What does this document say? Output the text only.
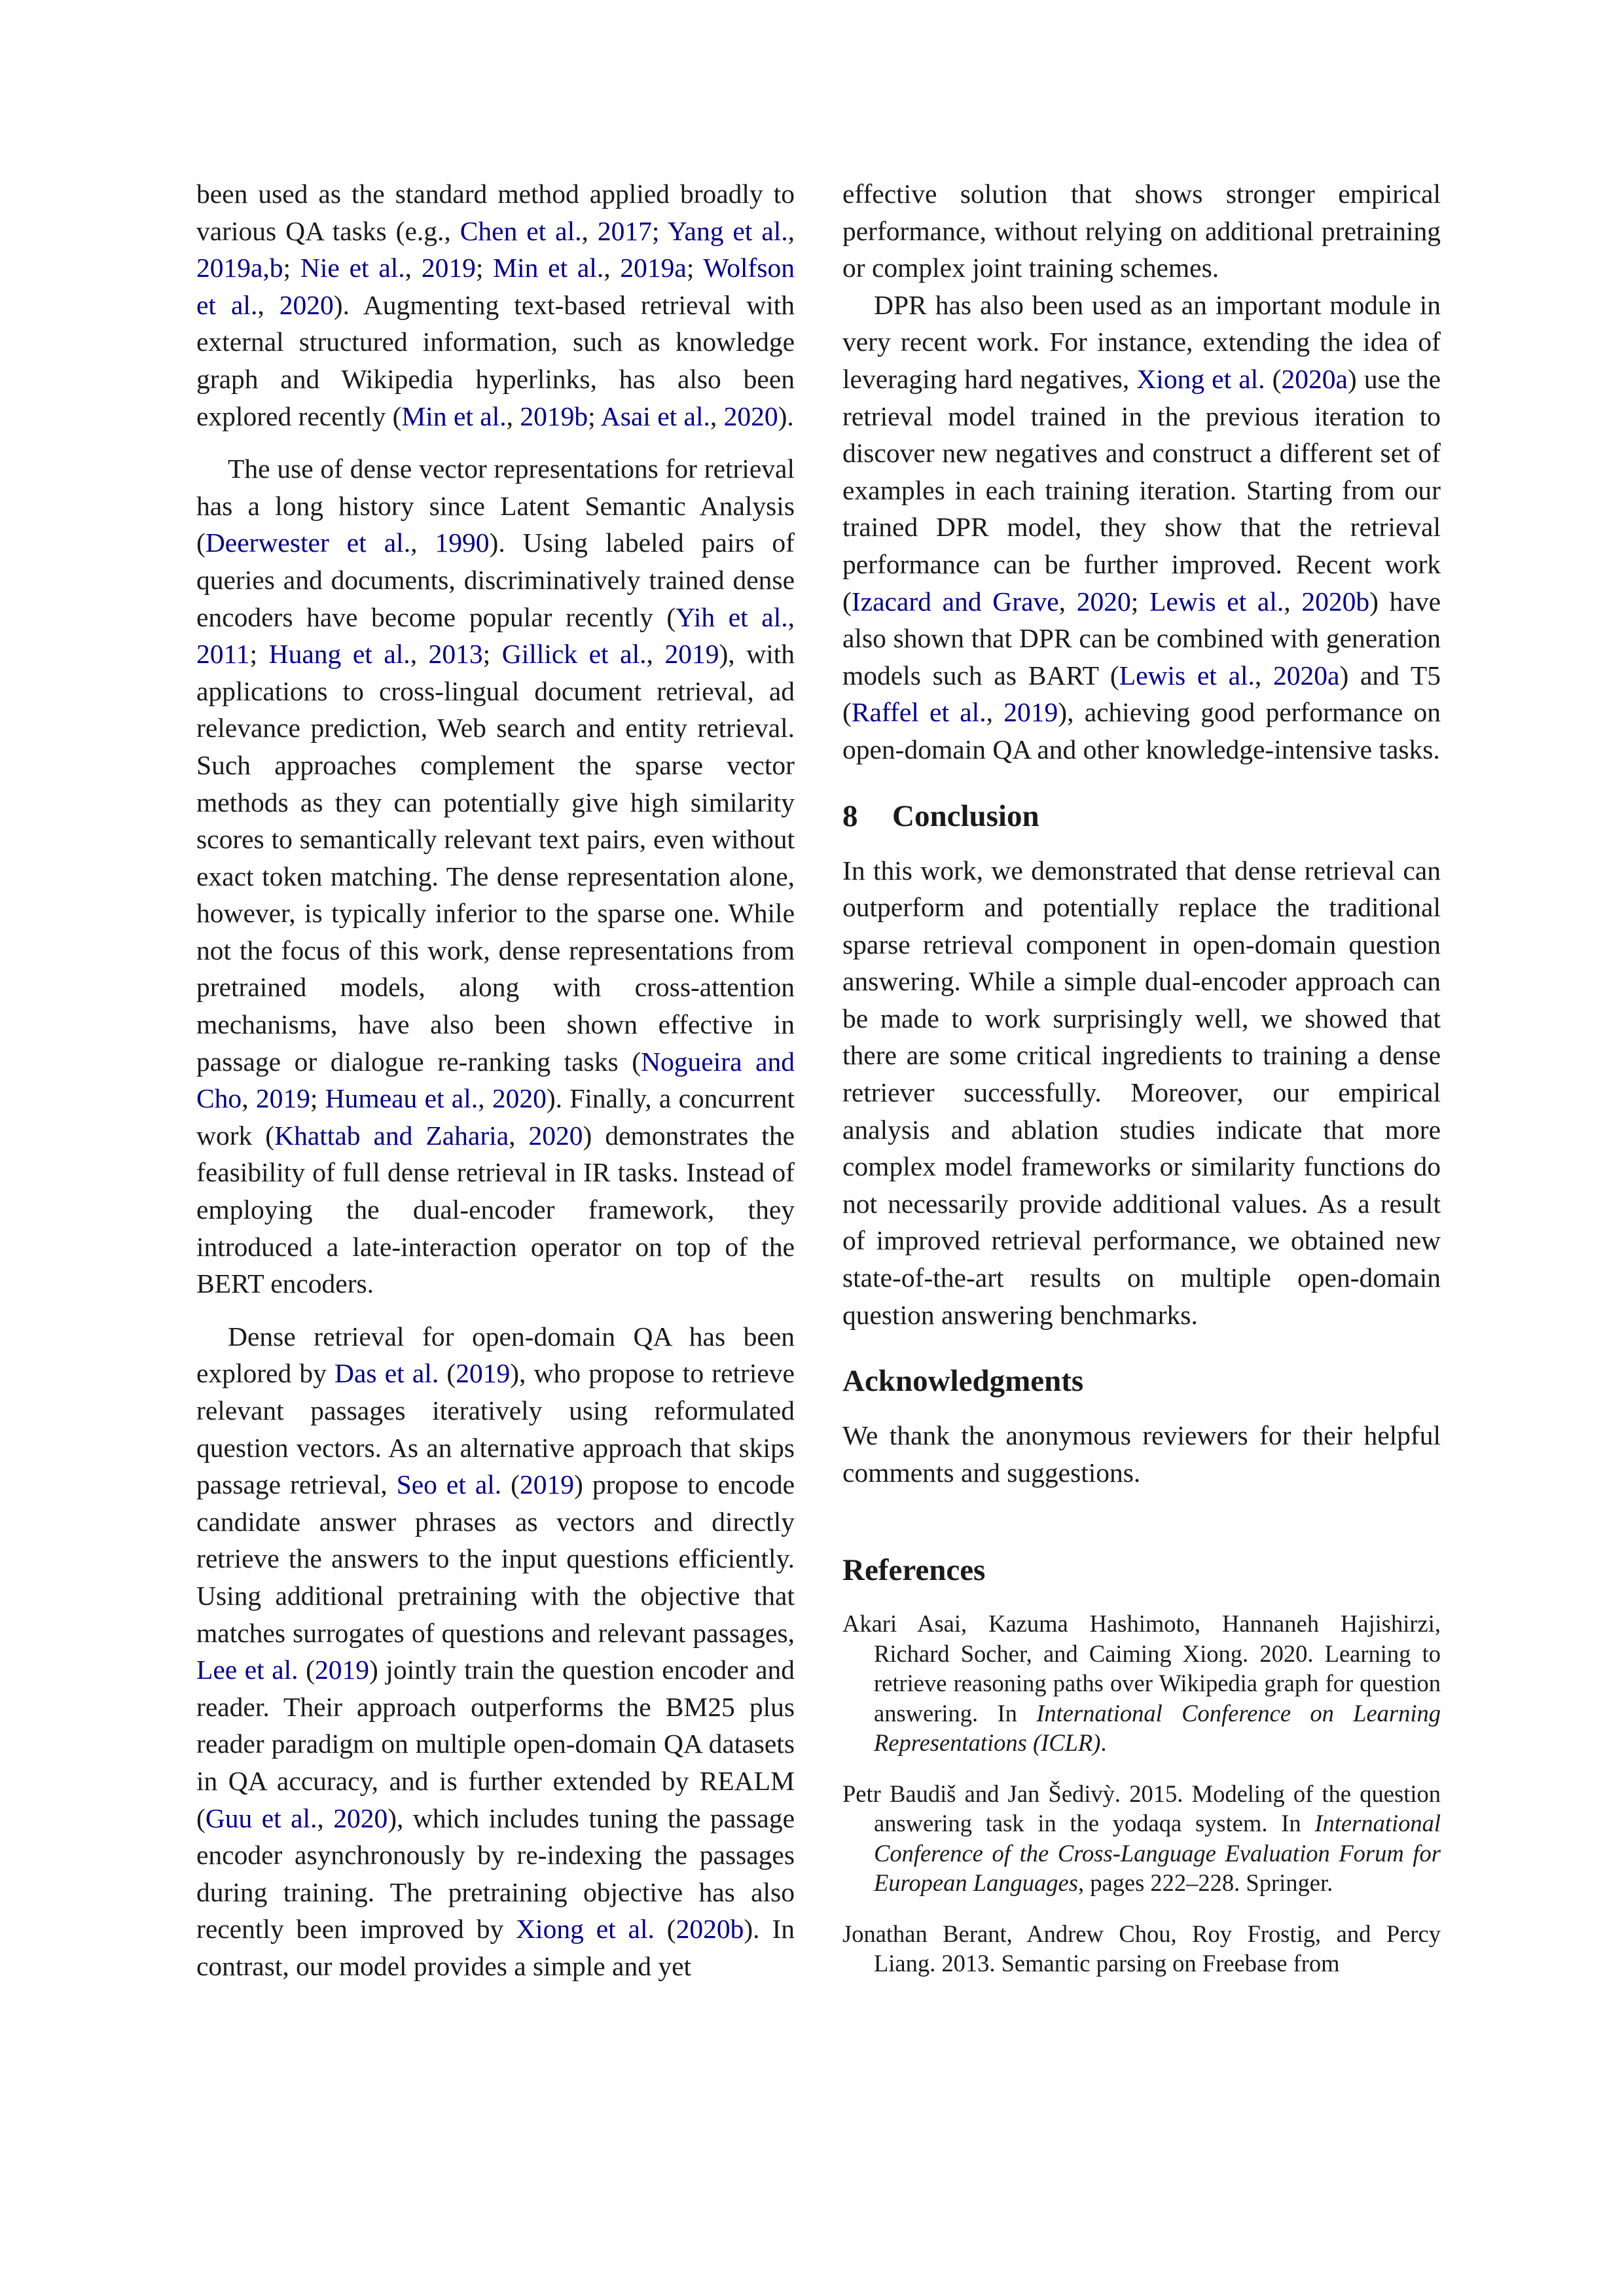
been used as the standard method applied broadly to various QA tasks (e.g., Chen et al., 2017; Yang et al., 2019a,b; Nie et al., 2019; Min et al., 2019a; Wolfson et al., 2020). Augmenting text-based retrieval with external structured information, such as knowledge graph and Wikipedia hyperlinks, has also been explored recently (Min et al., 2019b; Asai et al., 2020).

The use of dense vector representations for retrieval has a long history since Latent Semantic Analysis (Deerwester et al., 1990). Using labeled pairs of queries and documents, discriminatively trained dense encoders have become popular recently (Yih et al., 2011; Huang et al., 2013; Gillick et al., 2019), with applications to cross-lingual document retrieval, ad relevance prediction, Web search and entity retrieval. Such approaches complement the sparse vector methods as they can potentially give high similarity scores to semantically relevant text pairs, even without exact token matching. The dense representation alone, however, is typically inferior to the sparse one. While not the focus of this work, dense representations from pretrained models, along with cross-attention mechanisms, have also been shown effective in passage or dialogue re-ranking tasks (Nogueira and Cho, 2019; Humeau et al., 2020). Finally, a concurrent work (Khattab and Zaharia, 2020) demonstrates the feasibility of full dense retrieval in IR tasks. Instead of employing the dual-encoder framework, they introduced a late-interaction operator on top of the BERT encoders.

Dense retrieval for open-domain QA has been explored by Das et al. (2019), who propose to retrieve relevant passages iteratively using reformulated question vectors. As an alternative approach that skips passage retrieval, Seo et al. (2019) propose to encode candidate answer phrases as vectors and directly retrieve the answers to the input questions efficiently. Using additional pretraining with the objective that matches surrogates of questions and relevant passages, Lee et al. (2019) jointly train the question encoder and reader. Their approach outperforms the BM25 plus reader paradigm on multiple open-domain QA datasets in QA accuracy, and is further extended by REALM (Guu et al., 2020), which includes tuning the passage encoder asynchronously by re-indexing the passages during training. The pretraining objective has also recently been improved by Xiong et al. (2020b). In contrast, our model provides a simple and yet

effective solution that shows stronger empirical performance, without relying on additional pretraining or complex joint training schemes.

DPR has also been used as an important module in very recent work. For instance, extending the idea of leveraging hard negatives, Xiong et al. (2020a) use the retrieval model trained in the previous iteration to discover new negatives and construct a different set of examples in each training iteration. Starting from our trained DPR model, they show that the retrieval performance can be further improved. Recent work (Izacard and Grave, 2020; Lewis et al., 2020b) have also shown that DPR can be combined with generation models such as BART (Lewis et al., 2020a) and T5 (Raffel et al., 2019), achieving good performance on open-domain QA and other knowledge-intensive tasks.

8 Conclusion

In this work, we demonstrated that dense retrieval can outperform and potentially replace the traditional sparse retrieval component in open-domain question answering. While a simple dual-encoder approach can be made to work surprisingly well, we showed that there are some critical ingredients to training a dense retriever successfully. Moreover, our empirical analysis and ablation studies indicate that more complex model frameworks or similarity functions do not necessarily provide additional values. As a result of improved retrieval performance, we obtained new state-of-the-art results on multiple open-domain question answering benchmarks.

Acknowledgments

We thank the anonymous reviewers for their helpful comments and suggestions.

References

Akari Asai, Kazuma Hashimoto, Hannaneh Hajishirzi, Richard Socher, and Caiming Xiong. 2020. Learning to retrieve reasoning paths over Wikipedia graph for question answering. In International Conference on Learning Representations (ICLR).

Petr Baudiš and Jan Šedivỳ. 2015. Modeling of the question answering task in the yodaqa system. In International Conference of the Cross-Language Evaluation Forum for European Languages, pages 222–228. Springer.

Jonathan Berant, Andrew Chou, Roy Frostig, and Percy Liang. 2013. Semantic parsing on Freebase from
